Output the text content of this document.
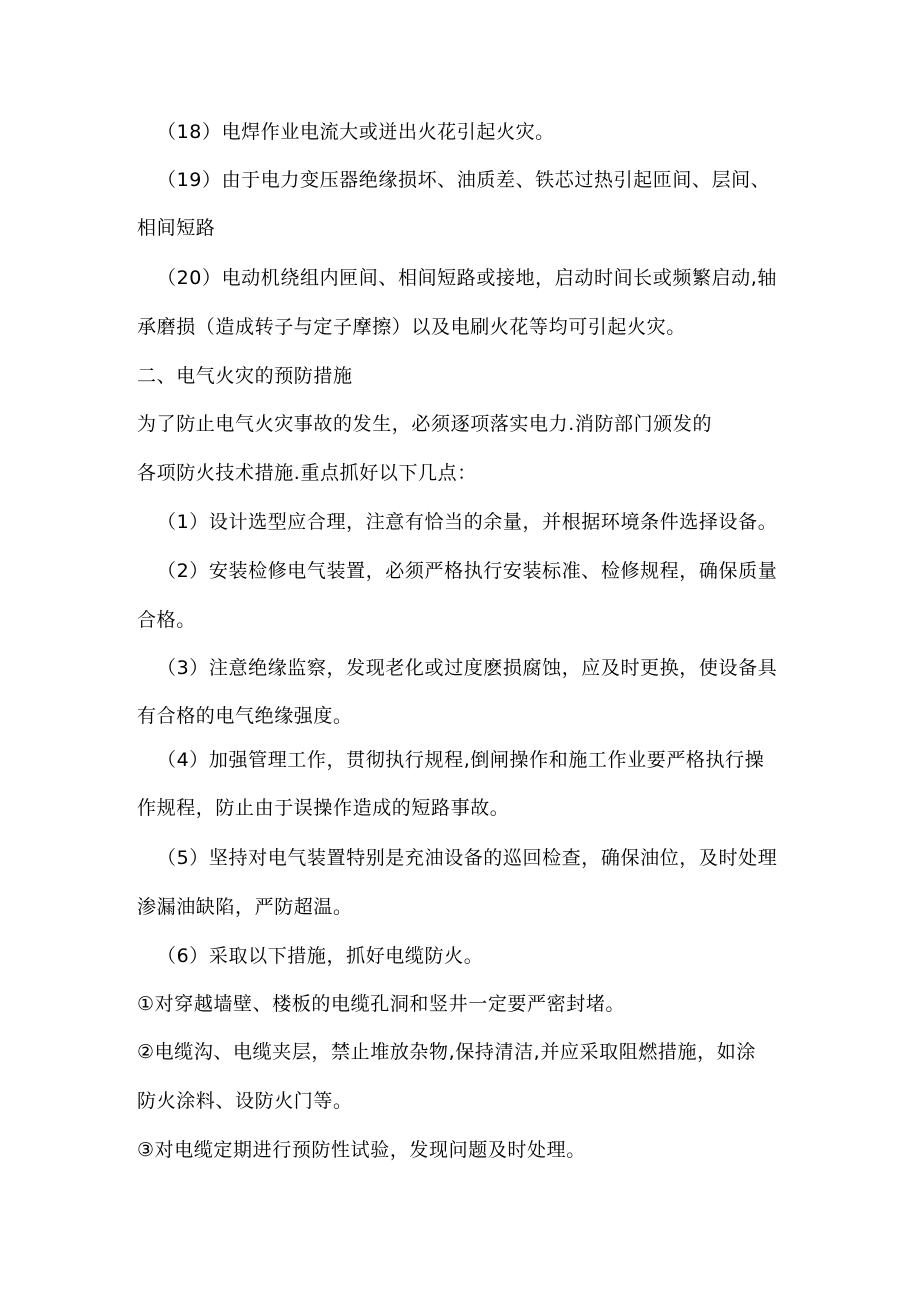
（18）电焊作业电流大或迸出火花引起火灾。
（19）由于电力变压器绝缘损坏、油质差、铁芯过热引起匝间、层间、
相间短路
（20）电动机绕组内匣间、相间短路或接地，启动时间长或频繁启动,轴
承磨损（造成转子与定子摩擦）以及电刷火花等均可引起火灾。
二、电气火灾的预防措施
为了防止电气火灾事故的发生，必须逐项落实电力.消防部门颁发的
各项防火技术措施.重点抓好以下几点：
（1）设计选型应合理，注意有恰当的余量，并根据环境条件选择设备。
（2）安装检修电气装置，必须严格执行安装标准、检修规程，确保质量
合格。
（3）注意绝缘监察，发现老化或过度麽损腐蚀，应及时更换，使设备具
有合格的电气绝缘强度。
（4）加强管理工作，贯彻执行规程,倒闸操作和施工作业要严格执行操
作规程，防止由于误操作造成的短路事故。
（5）坚持对电气装置特别是充油设备的巡回检查，确保油位，及时处理
渗漏油缺陷，严防超温。
（6）采取以下措施，抓好电缆防火。
①对穿越墙壁、楼板的电缆孔洞和竖井一定要严密封堵。
②电缆沟、电缆夹层，禁止堆放杂物,保持清洁,并应采取阻燃措施，如涂
防火涂料、设防火门等。
③对电缆定期进行预防性试验，发现问题及时处理。
